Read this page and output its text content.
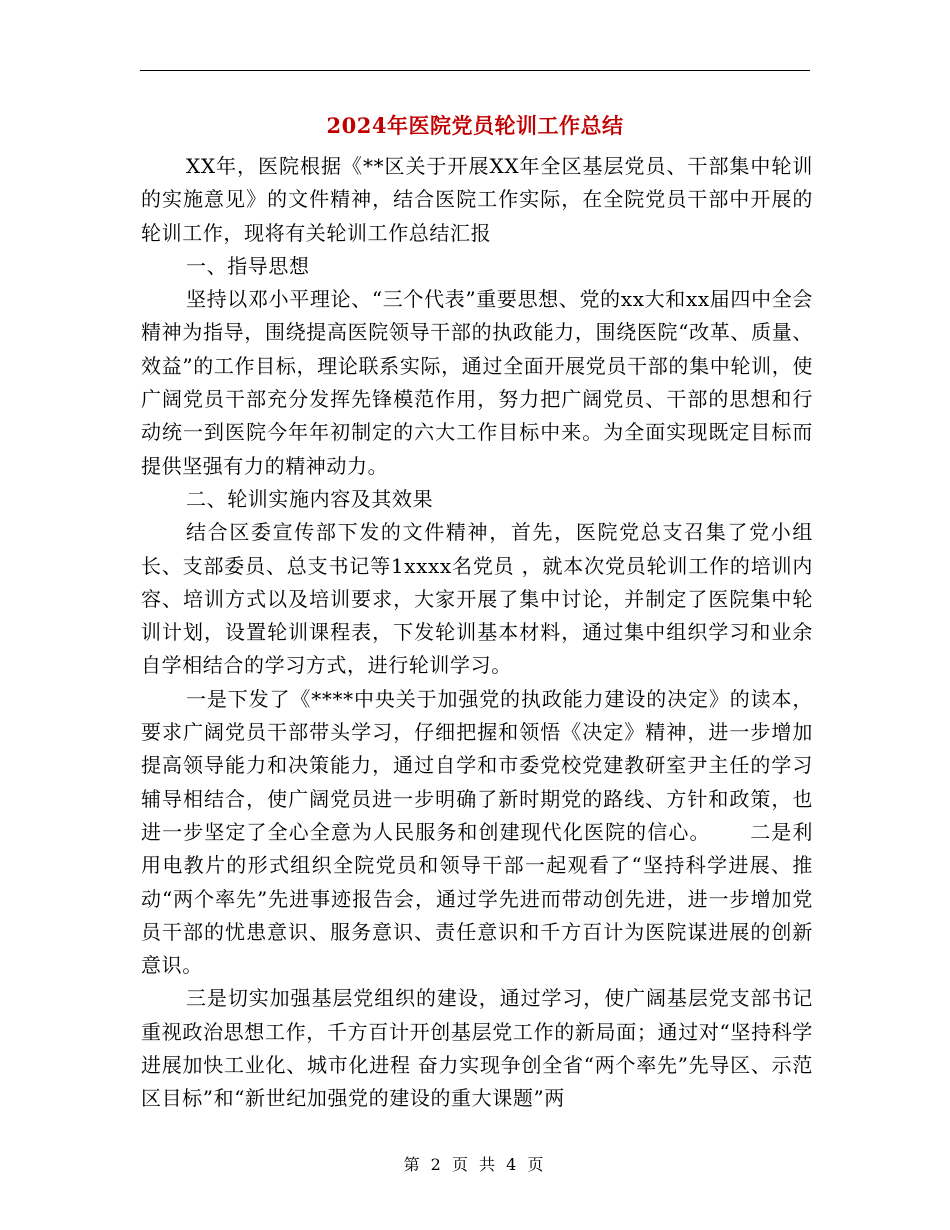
2024年医院党员轮训工作总结

XX年，医院根据《**区关于开展XX年全区基层党员、干部集中轮训的实施意见》的文件精神，结合医院工作实际，在全院党员干部中开展的轮训工作，现将有关轮训工作总结汇报

一、指导思想

坚持以邓小平理论、“三个代表”重要思想、党的xx大和xx届四中全会精神为指导，围绕提高医院领导干部的执政能力，围绕医院“改革、质量、效益”的工作目标，理论联系实际，通过全面开展党员干部的集中轮训，使广阔党员干部充分发挥先锋模范作用，努力把广阔党员、干部的思想和行动统一到医院今年年初制定的六大工作目标中来。为全面实现既定目标而提供坚强有力的精神动力。

二、轮训实施内容及其效果

结合区委宣传部下发的文件精神，首先，医院党总支召集了党小组长、支部委员、总支书记等1xxxx名党员 ，就本次党员轮训工作的培训内容、培训方式以及培训要求，大家开展了集中讨论，并制定了医院集中轮训计划，设置轮训课程表，下发轮训基本材料，通过集中组织学习和业余自学相结合的学习方式，进行轮训学习。

一是下发了《****中央关于加强党的执政能力建设的决定》的读本，要求广阔党员干部带头学习，仔细把握和领悟《决定》精神，进一步增加提高领导能力和决策能力，通过自学和市委党校党建教研室尹主任的学习辅导相结合，使广阔党员进一步明确了新时期党的路线、方针和政策，也进一步坚定了全心全意为人民服务和创建现代化医院的信心。　　 二是利用电教片的形式组织全院党员和领导干部一起观看了“坚持科学进展、推动“两个率先”先进事迹报告会，通过学先进而带动创先进，进一步增加党员干部的忧患意识、服务意识、责任意识和千方百计为医院谋进展的创新意识。

三是切实加强基层党组织的建设，通过学习，使广阔基层党支部书记重视政治思想工作，千方百计开创基层党工作的新局面；通过对“坚持科学进展加快工业化、城市化进程 奋力实现争创全省“两个率先”先导区、示范区目标”和“新世纪加强党的建设的重大课题”两

第 2 页 共 4 页
